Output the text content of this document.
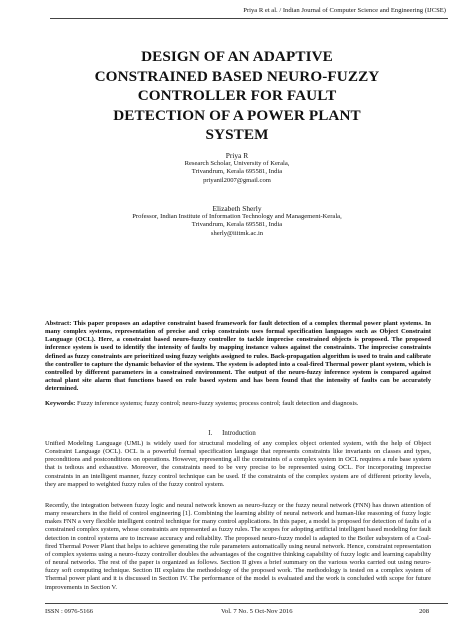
Priya R et al. / Indian Journal of Computer Science and Engineering (IJCSE)
DESIGN OF AN ADAPTIVE
CONSTRAINED BASED NEURO-FUZZY
CONTROLLER FOR FAULT
DETECTION OF A POWER PLANT
SYSTEM
Priya R
Research Scholar, University of Kerala,
Trivandrum, Kerala 695581, India
priyanil2007@gmail.com
Elizabeth Sherly
Professor, Indian Institute of Information Technology and Management-Kerala,
Trivandrum, Kerala 695581, India
sherly@iiitmk.ac.in
Abstract: This paper proposes an adaptive constraint based framework for fault detection of a complex thermal power plant systems. In many complex systems, representation of precise and crisp constraints uses formal specification languages such as Object Constraint Language (OCL). Here, a constraint based neuro-fuzzy controller to tackle imprecise constrained objects is proposed. The proposed inference system is used to identify the intensity of faults by mapping instance values against the constraints. The imprecise constraints defined as fuzzy constraints are prioritized using fuzzy weights assigned to rules. Back-propagation algorithm is used to train and calibrate the controller to capture the dynamic behavior of the system. The system is adopted into a coal-fired Thermal power plant system, which is controlled by different parameters in a constrained environment. The output of the neuro-fuzzy inference system is compared against actual plant site alarm that functions based on rule based system and has been found that the intensity of faults can be accurately determined.
Keywords: Fuzzy inference systems; fuzzy control; neuro-fuzzy systems; process control; fault detection and diagnosis.
I. Introduction
Unified Modeling Language (UML) is widely used for structural modeling of any complex object oriented system, with the help of Object Constraint Language (OCL). OCL is a powerful formal specification language that represents constraints like invariants on classes and types, preconditions and postconditions on operations. However, representing all the constraints of a complex system in OCL requires a rule base system that is tedious and exhaustive. Moreover, the constraints need to be very precise to be represented using OCL. For incorporating imprecise constraints in an intelligent manner, fuzzy control technique can be used. If the constraints of the complex system are of different priority levels, they are mapped to weighted fuzzy rules of the fuzzy control system.
Recently, the integration between fuzzy logic and neural network known as neuro-fuzzy or the fuzzy neural network (FNN) has drawn attention of many researchers in the field of control engineering [1]. Combining the learning ability of neural network and human-like reasoning of fuzzy logic makes FNN a very flexible intelligent control technique for many control applications. In this paper, a model is proposed for detection of faults of a constrained complex system, whose constraints are represented as fuzzy rules. The scopes for adopting artificial intelligent based modeling for fault detection in control systems are to increase accuracy and reliability. The proposed neuro-fuzzy model is adapted to the Boiler subsystem of a Coal-fired Thermal Power Plant that helps to achieve generating the rule parameters automatically using neural network. Hence, constraint representation of complex systems using a neuro-fuzzy controller doubles the advantages of the cognitive thinking capability of fuzzy logic and learning capability of neural networks. The rest of the paper is organized as follows. Section II gives a brief summary on the various works carried out using neuro-fuzzy soft computing technique. Section III explains the methodology of the proposed work. The methodology is tested on a complex system of Thermal power plant and it is discussed in Section IV. The performance of the model is evaluated and the work is concluded with scope for future improvements in Section V.
ISSN : 0976-5166	Vol. 7 No. 5 Oct-Nov 2016	208
